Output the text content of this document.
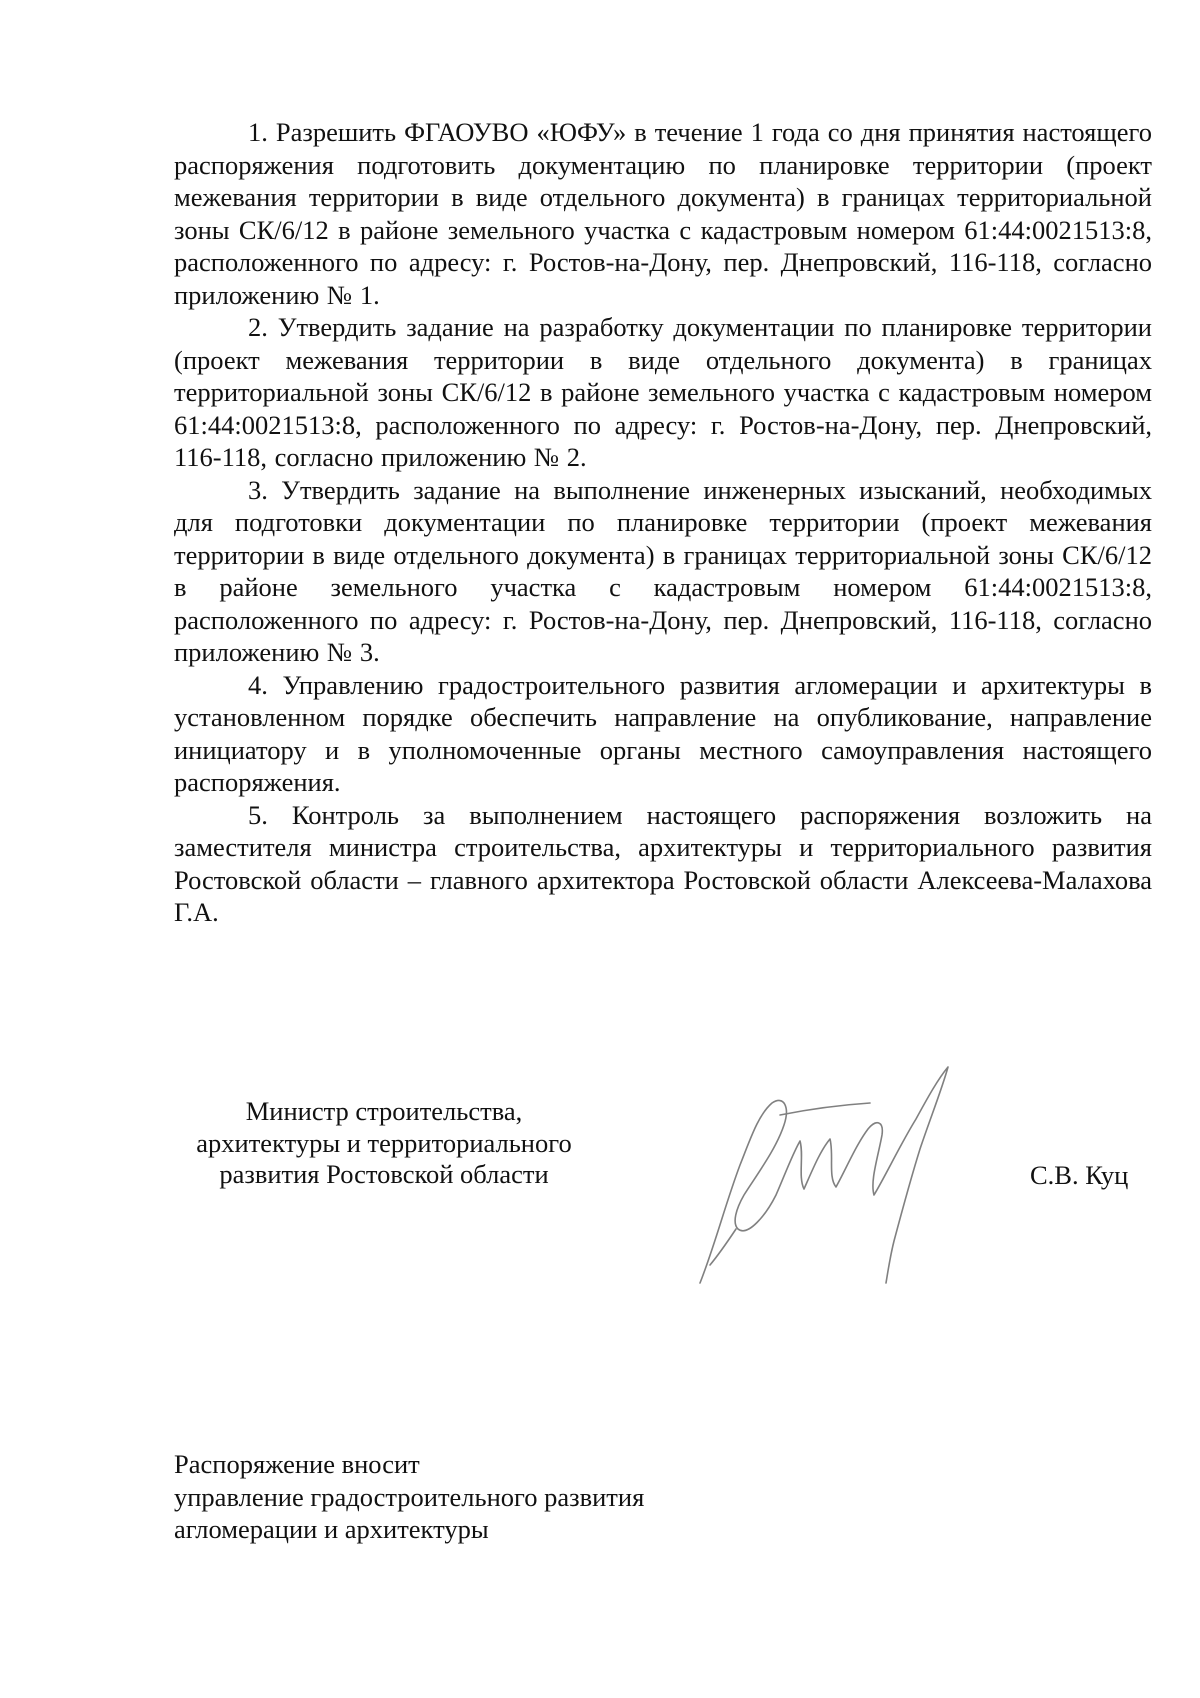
1. Разрешить ФГАОУВО «ЮФУ» в течение 1 года со дня принятия настоящего распоряжения подготовить документацию по планировке территории (проект межевания территории в виде отдельного документа) в границах территориальной зоны СК/6/12 в районе земельного участка с кадастровым номером 61:44:0021513:8, расположенного по адресу: г. Ростов-на-Дону, пер. Днепровский, 116-118, согласно приложению № 1.

2. Утвердить задание на разработку документации по планировке территории (проект межевания территории в виде отдельного документа) в границах территориальной зоны СК/6/12 в районе земельного участка с кадастровым номером 61:44:0021513:8, расположенного по адресу: г. Ростов-на-Дону, пер. Днепровский, 116-118, согласно приложению № 2.

3. Утвердить задание на выполнение инженерных изысканий, необходимых для подготовки документации по планировке территории (проект межевания территории в виде отдельного документа) в границах территориальной зоны СК/6/12 в районе земельного участка с кадастровым номером 61:44:0021513:8, расположенного по адресу: г. Ростов-на-Дону, пер. Днепровский, 116-118, согласно приложению № 3.

4. Управлению градостроительного развития агломерации и архитектуры в установленном порядке обеспечить направление на опубликование, направление инициатору и в уполномоченные органы местного самоуправления настоящего распоряжения.

5. Контроль за выполнением настоящего распоряжения возложить на заместителя министра строительства, архитектуры и территориального развития Ростовской области – главного архитектора Ростовской области Алексеева-Малахова Г.А.

Министр строительства,
архитектуры и территориального
развития Ростовской области	С.В. Куц
Распоряжение вносит
управление градостроительного развития
агломерации и архитектуры
